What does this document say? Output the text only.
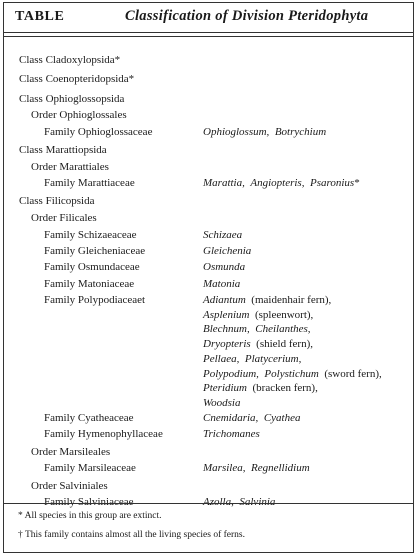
TABLE	Classification of Division Pteridophyta
Class Cladoxylopsida*
Class Coenopteridopsida*
Class Ophioglossopsida
Order Ophioglossales
Family Ophioglossaceae	Ophioglossum, Botrychium
Class Marattiopsida
Order Marattiales
Family Marattiaceae	Marattia, Angiopteris, Psaronius*
Class Filicopsida
Order Filicales
Family Schizaeaceae	Schizaea
Family Gleicheniaceae	Gleichenia
Family Osmundaceae	Osmunda
Family Matoniaceae	Matonia
Family Polypodiaceaet	Adiantum  (maidenhair fern),
Asplenium  (spleenwort),
Blechnum, Cheilanthes,
Dryopteris  (shield fern),
Pellaea, Platycerium,
Polypodium, Polystichum  (sword fern),
Pteridium  (bracken fern),
Woodsia
Family Cyatheaceae	Cnemidaria, Cyathea
Family Hymenophyllaceae	Trichomanes
Order Marsileales
Family Marsileaceae	Marsilea, Regnellidium
Order Salviniales
Family Salviniaceae	Azolla, Salvinia
* All species in this group are extinct.
† This family contains almost all the living species of ferns.
